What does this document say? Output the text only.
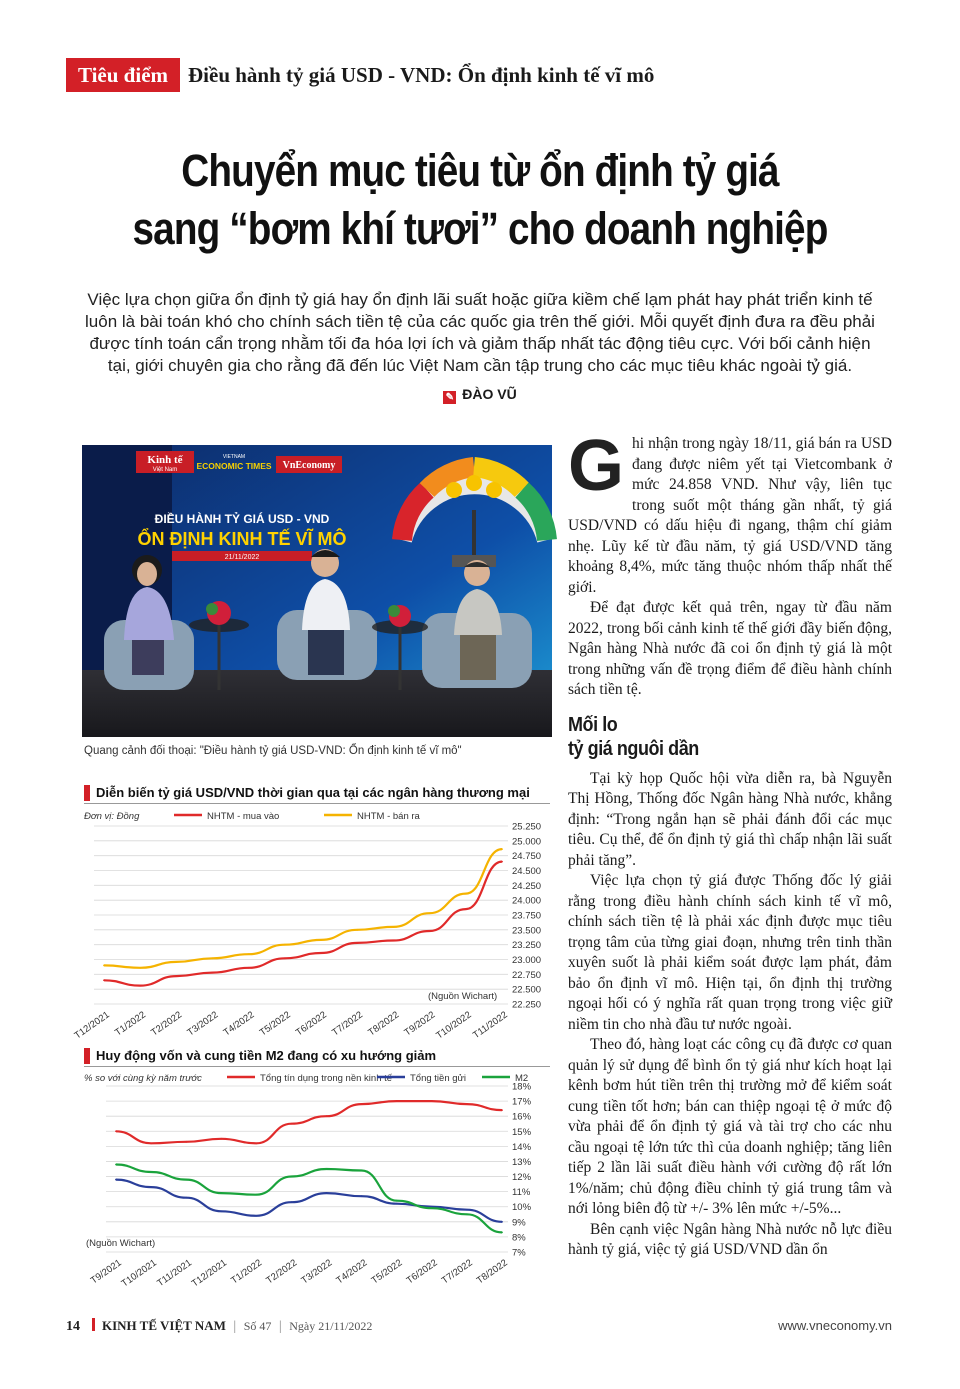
Tiêu điểm Điều hành tỷ giá USD - VND: Ổn định kinh tế vĩ mô
Chuyển mục tiêu từ ổn định tỷ giá
sang “bơm khí tươi” cho doanh nghiệp
Việc lựa chọn giữa ổn định tỷ giá hay ổn định lãi suất hoặc giữa kiềm chế lạm phát hay phát triển kinh tế luôn là bài toán khó cho chính sách tiền tệ của các quốc gia trên thế giới. Mỗi quyết định đưa ra đều phải được tính toán cẩn trọng nhằm tối đa hóa lợi ích và giảm thấp nhất tác động tiêu cực. Với bối cảnh hiện tại, giới chuyên gia cho rằng đã đến lúc Việt Nam cần tập trung cho các mục tiêu khác ngoài tỷ giá.
✎ ĐÀO VŨ
Kinh tế
Việt Nam
VIETNAM
ECONOMIC TIMES VnEconomy
ĐIỀU HÀNH TỶ GIÁ USD - VND
ỔN ĐỊNH KINH TẾ VĨ MÔ
21/11/2022
Quang cảnh đối thoại: "Điều hành tỷ giá USD-VND: Ổn định kinh tế vĩ mô"
Diễn biến tỷ giá USD/VND thời gian qua tại các ngân hàng thương mại
25.250
25.000
24.750
24.500
24.250
24.000
23.750
23.500
23.250
23.000
22.750
22.500
22.250
T12/2021 T1/2022 T2/2022 T3/2022 T4/2022 T5/2022 T6/2022 T7/2022 T8/2022 T9/2022
T10/2022
T11/2022
Đơn vị: Đồng	NHTM - mua vào	NHTM - bán ra
(Nguồn Wichart)
Huy động vốn và cung tiền M2 đang có xu hướng giảm
18%
17%
16%
15%
14%
13%
12%
11%
10%
9%
8%
7%
T9/2021
T10/2021
T11/2021
T12/2021 T1/2022 T2/2022 T3/2022 T4/2022 T5/2022 T6/2022 T7/2022 T8/2022
% so với cùng kỳ năm trước	Tổng tín dụng trong nền kinh tế Tổng tiền gửi	M2
(Nguồn Wichart)
G hi nhận trong ngày 18/11, giá bán ra USD đang được niêm yết tại Vietcombank ở mức 24.858 VND. Như vậy, liên tục trong suốt một tháng gần nhất, tỷ giá USD/VND có dấu hiệu đi ngang, thậm chí giảm nhẹ. Lũy kế từ đầu năm, tỷ giá USD/VND tăng khoảng 8,4%, mức tăng thuộc nhóm thấp nhất thế giới.

Để đạt được kết quả trên, ngay từ đầu năm 2022, trong bối cảnh kinh tế thế giới đầy biến động, Ngân hàng Nhà nước đã coi ổn định tỷ giá là một trong những vấn đề trọng điểm để điều hành chính sách tiền tệ.

Mối lo
tỷ giá nguôi dần

Tại kỳ họp Quốc hội vừa diễn ra, bà Nguyễn Thị Hồng, Thống đốc Ngân hàng Nhà nước, khẳng định: “Trong ngắn hạn sẽ phải đánh đổi các mục tiêu. Cụ thể, để ổn định tỷ giá thì chấp nhận lãi suất phải tăng”.

Việc lựa chọn tỷ giá được Thống đốc lý giải rằng trong điều hành chính sách kinh tế vĩ mô, chính sách tiền tệ là phải xác định được mục tiêu trọng tâm của từng giai đoạn, nhưng trên tinh thần xuyên suốt là phải kiểm soát được lạm phát, đảm bảo ổn định vĩ mô. Hiện tại, ổn định thị trường ngoại hối có ý nghĩa rất quan trọng trong việc giữ niềm tin cho nhà đầu tư nước ngoài.

Theo đó, hàng loạt các công cụ đã được cơ quan quản lý sử dụng để bình ổn tỷ giá như kích hoạt lại kênh bơm hút tiền trên thị trường mở để kiểm soát cung tiền tốt hơn; bán can thiệp ngoại tệ ở mức độ vừa phải để ổn định tỷ giá và tài trợ cho các nhu cầu ngoại tệ lớn tức thì của doanh nghiệp; tăng liên tiếp 2 lần lãi suất điều hành với cường độ rất lớn 1%/năm; chủ động điều chỉnh tỷ giá trung tâm và nới lỏng biên độ từ +/- 3% lên mức +/-5%...

Bên cạnh việc Ngân hàng Nhà nước nỗ lực điều hành tỷ giá, việc tỷ giá USD/VND dần ổn

14 KINH TẾ VIỆT NAM | Số 47 | Ngày 21/11/2022	www.vneconomy.vn
